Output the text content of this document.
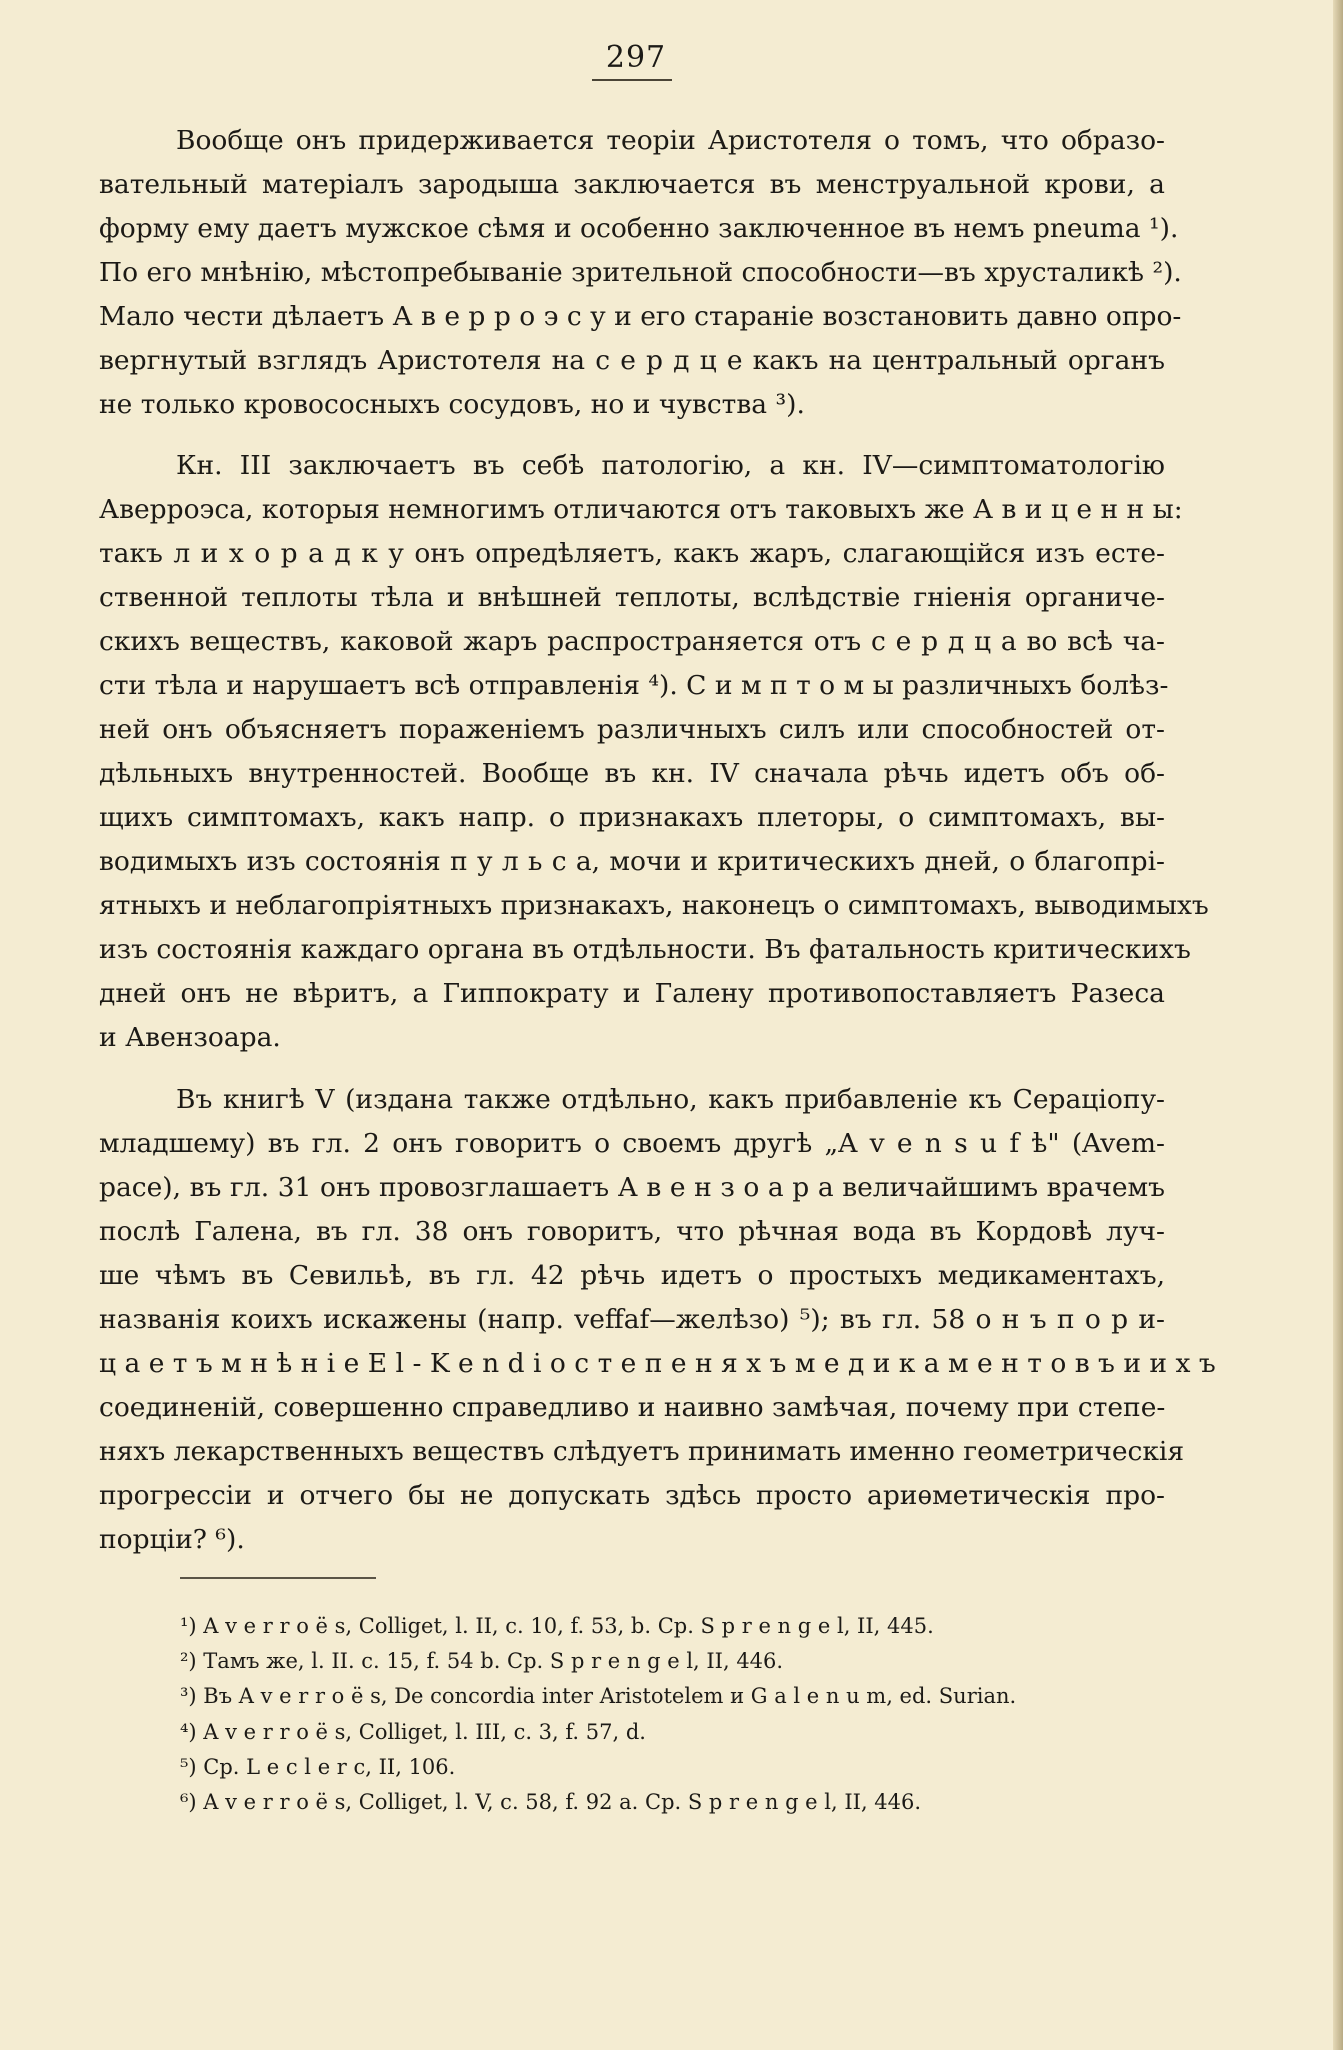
297
Вообще онъ придерживается теоріи Аристотеля о томъ, что образо-
вательный матеріалъ зародыша заключается въ менструальной крови, а
форму ему даетъ мужское сѣмя и особенно заключенное въ немъ pneuma ¹).
По его мнѣнію, мѣстопребываніе зрительной способности—въ хрусталикѣ ²).
Мало чести дѣлаетъ А в е р р о э с у и его стараніе возстановить давно опро-
вергнутый взглядъ Аристотеля на с е р д ц е какъ на центральный органъ
не только кровососныхъ сосудовъ, но и чувства ³).
Кн. III заключаетъ въ себѣ патологію, а кн. IV—симптоматологію
Аверроэса, которыя немногимъ отличаются отъ таковыхъ же А в и ц е н н ы:
такъ л и х о р а д к у онъ опредѣляетъ, какъ жаръ, слагающійся изъ есте-
ственной теплоты тѣла и внѣшней теплоты, вслѣдствіе гніенія органиче-
скихъ веществъ, каковой жаръ распространяется отъ с е р д ц а во всѣ ча-
сти тѣла и нарушаетъ всѣ отправленія ⁴). С и м п т о м ы различныхъ болѣз-
ней онъ объясняетъ пораженіемъ различныхъ силъ или способностей от-
дѣльныхъ внутренностей. Вообще въ кн. IV сначала рѣчь идетъ объ об-
щихъ симптомахъ, какъ напр. о признакахъ плеторы, о симптомахъ, вы-
водимыхъ изъ состоянія п у л ь с а, мочи и критическихъ дней, о благопрі-
ятныхъ и неблагопріятныхъ признакахъ, наконецъ о симптомахъ, выводимыхъ
изъ состоянія каждаго органа въ отдѣльности. Въ фатальность критическихъ
дней онъ не вѣритъ, а Гиппократу и Галену противопоставляетъ Разеса
и Авензоара.
Въ книгѣ V (издана также отдѣльно, какъ прибавленіе къ Сераціопу-
младшему) въ гл. 2 онъ говоритъ о своемъ другѣ „A v e n s u f ѣ" (Avem-
pace), въ гл. 31 онъ провозглашаетъ А в е н з о а р а величайшимъ врачемъ
послѣ Галена, въ гл. 38 онъ говоритъ, что рѣчная вода въ Кордовѣ луч-
ше чѣмъ въ Севильѣ, въ гл. 42 рѣчь идетъ о простыхъ медикаментахъ,
названія коихъ искажены (напр. veffaf—желѣзо) ⁵); въ гл. 58 о н ъ п о р и-
ц а е т ъ м н ѣ н і е E l - K e n d i о с т е п е н я х ъ м е д и к а м е н т о в ъ и и х ъ
соединеній, совершенно справедливо и наивно замѣчая, почему при степе-
няхъ лекарственныхъ веществъ слѣдуетъ принимать именно геометрическія
прогрессіи и отчего бы не допускать здѣсь просто ариѳметическія про-
порціи? ⁶).
¹) A v e r r o ë s, Colliget, l. II, c. 10, f. 53, b. Cp. S p r e n g e l, II, 445.
²) Тамъ же, l. II. c. 15, f. 54 b. Cp. S p r e n g e l, II, 446.
³) Въ A v e r r o ë s, De concordia inter Aristotelem и G a l e n u m, ed. Surian.
⁴) A v e r r o ë s, Colliget, l. III, c. 3, f. 57, d.
⁵) Cp. L e c l e r c, II, 106.
⁶) A v e r r o ë s, Colliget, l. V, c. 58, f. 92 a. Cp. S p r e n g e l, II, 446.
